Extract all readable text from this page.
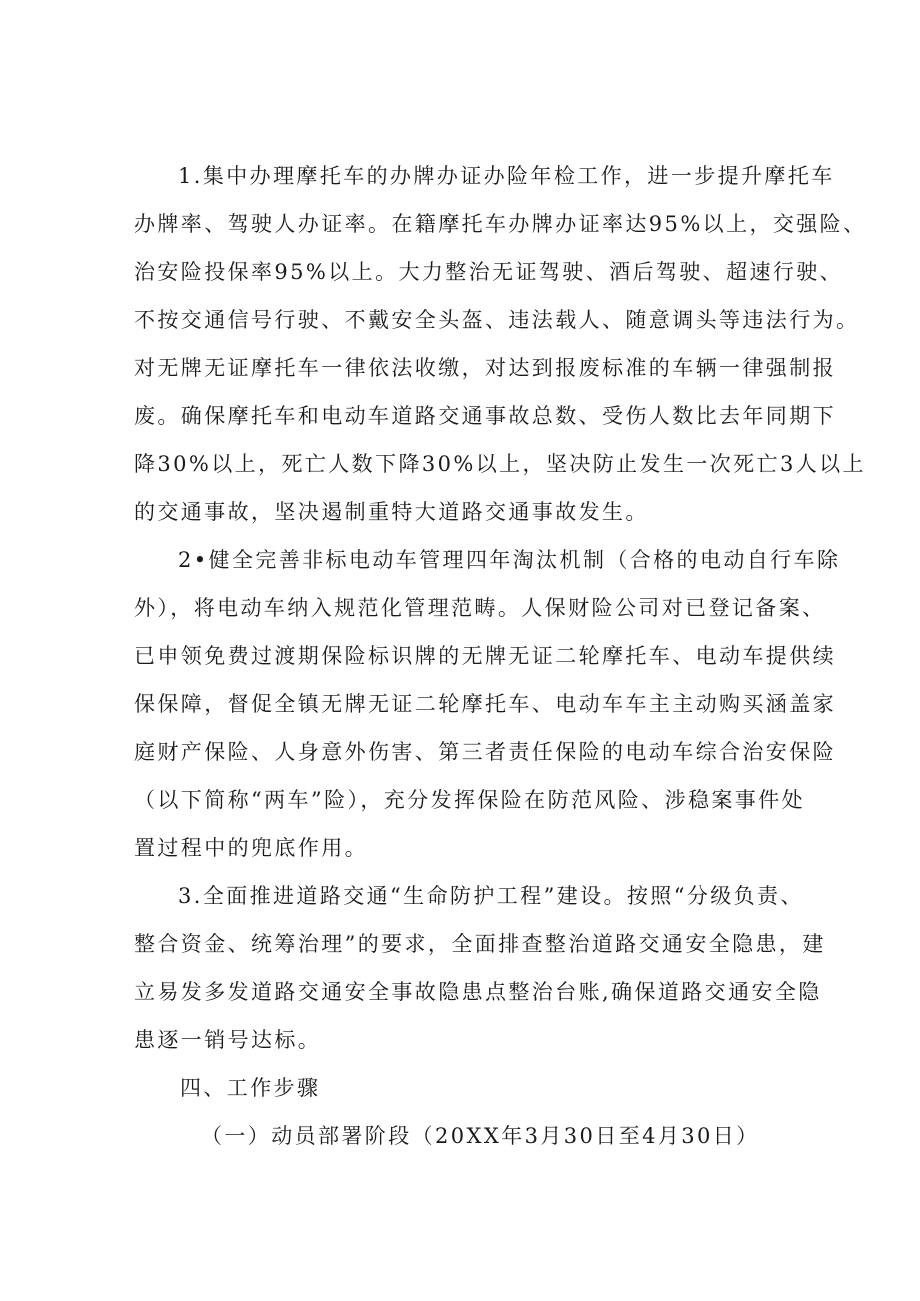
1.集中办理摩托车的办牌办证办险年检工作，进一步提升摩托车
办牌率、驾驶人办证率。在籍摩托车办牌办证率达95%以上，交强险、
治安险投保率95%以上。大力整治无证驾驶、酒后驾驶、超速行驶、
不按交通信号行驶、不戴安全头盔、违法载人、随意调头等违法行为。
对无牌无证摩托车一律依法收缴，对达到报废标准的车辆一律强制报
废。确保摩托车和电动车道路交通事故总数、受伤人数比去年同期下
降30%以上，死亡人数下降30%以上，坚决防止发生一次死亡3人以上
的交通事故，坚决遏制重特大道路交通事故发生。
2•健全完善非标电动车管理四年淘汰机制（合格的电动自行车除
外），将电动车纳入规范化管理范畴。人保财险公司对已登记备案、
已申领免费过渡期保险标识牌的无牌无证二轮摩托车、电动车提供续
保保障，督促全镇无牌无证二轮摩托车、电动车车主主动购买涵盖家
庭财产保险、人身意外伤害、第三者责任保险的电动车综合治安保险
（以下简称“两车”险），充分发挥保险在防范风险、涉稳案事件处
置过程中的兜底作用。
3.全面推进道路交通“生命防护工程”建设。按照“分级负责、
整合资金、统筹治理”的要求，全面排查整治道路交通安全隐患，建
立易发多发道路交通安全事故隐患点整治台账,确保道路交通安全隐
患逐一销号达标。
四、工作步骤
（一）动员部署阶段（20XX年3月30日至4月30日）
